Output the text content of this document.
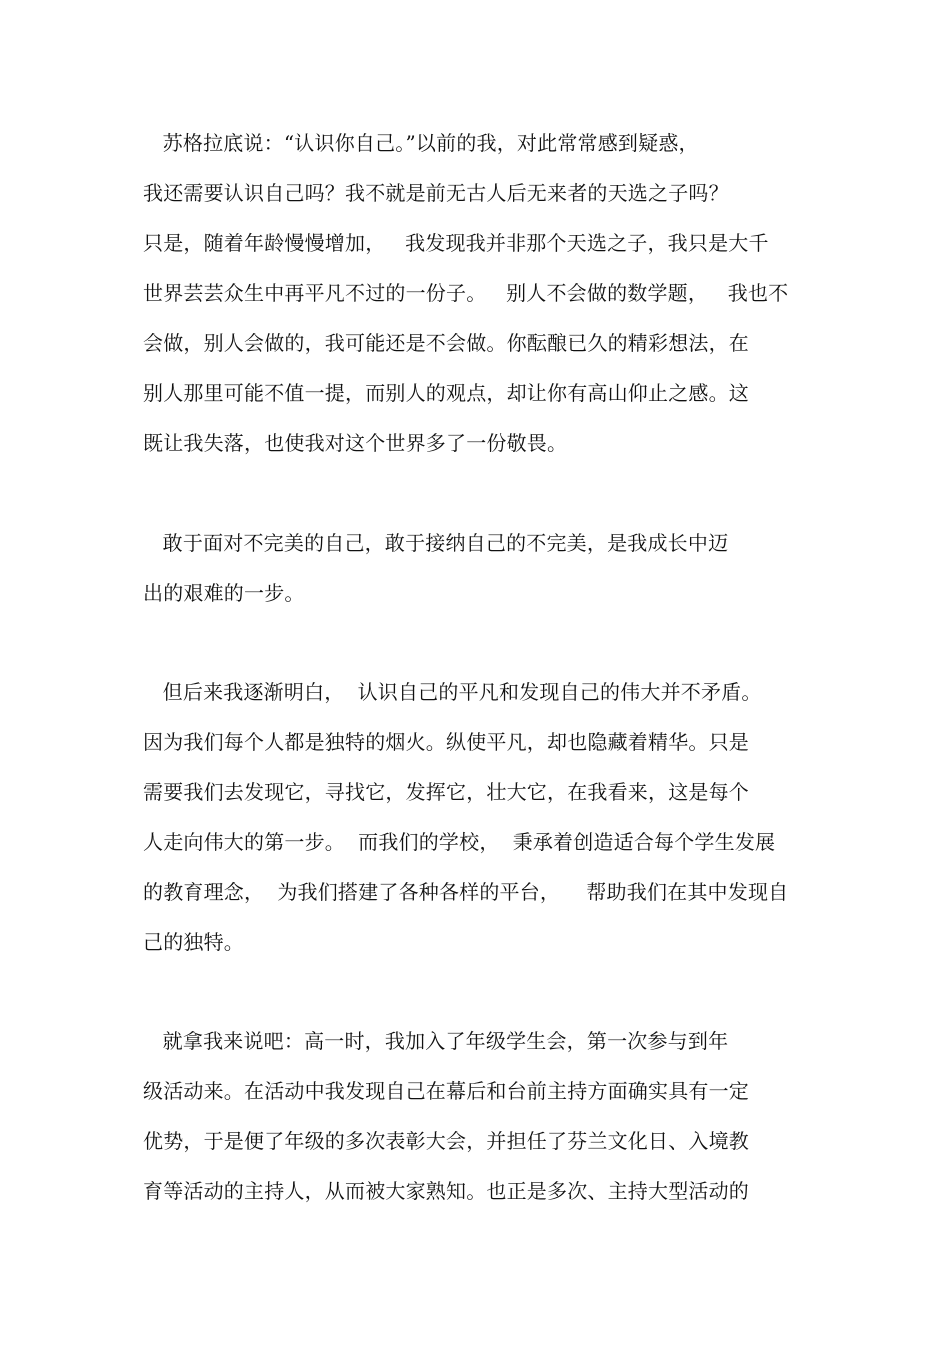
苏格拉底说：“认识你自己。”以前的我，对此常常感到疑惑，
我还需要认识自己吗？我不就是前无古人后无来者的天选之子吗？
只是，随着年龄慢慢增加，   我发现我并非那个天选之子，我只是大千
世界芸芸众生中再平凡不过的一份子。   别人不会做的数学题，   我也不
会做，别人会做的，我可能还是不会做。你酝酿已久的精彩想法，在
别人那里可能不值一提，而别人的观点，却让你有高山仰止之感。这
既让我失落，也使我对这个世界多了一份敬畏。
敢于面对不完美的自己，敢于接纳自己的不完美，是我成长中迈
出的艰难的一步。
但后来我逐渐明白，  认识自己的平凡和发现自己的伟大并不矛盾。
因为我们每个人都是独特的烟火。纵使平凡，却也隐藏着精华。只是
需要我们去发现它，寻找它，发挥它，壮大它，在我看来，这是每个
人走向伟大的第一步。  而我们的学校，  秉承着创造适合每个学生发展
的教育理念，  为我们搭建了各种各样的平台，    帮助我们在其中发现自
己的独特。
就拿我来说吧：高一时，我加入了年级学生会，第一次参与到年
级活动来。在活动中我发现自己在幕后和台前主持方面确实具有一定
优势，于是便了年级的多次表彰大会，并担任了芬兰文化日、入境教
育等活动的主持人，从而被大家熟知。也正是多次、主持大型活动的
